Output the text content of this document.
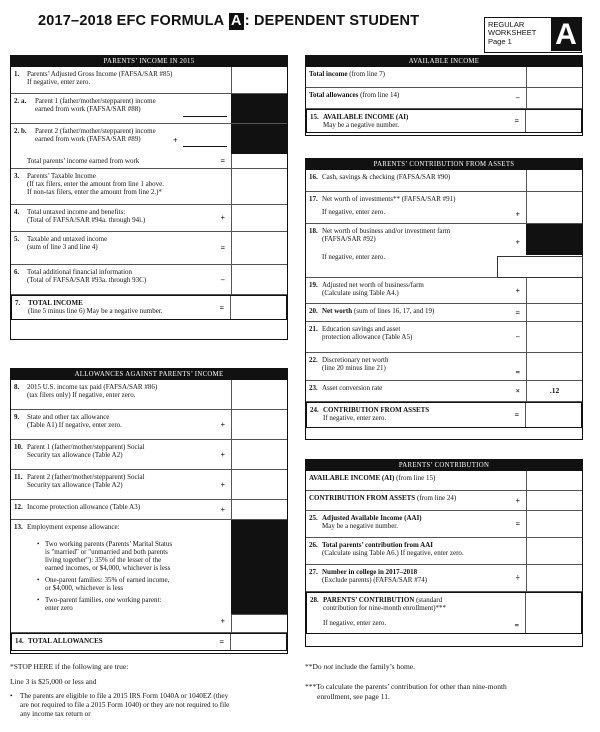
2017–2018 EFC FORMULA A : DEPENDENT STUDENT	REGULAR
WORKSHEET
Page 1	A
PARENTS’ INCOME IN 2015
1. Parents’ Adjusted Gross Income (FAFSA/SAR #85)
If negative, enter zero.
2. a. Parent 1 (father/mother/stepparent) income
earned from work (FAFSA/SAR #88)
2. b. Parent 2 (father/mother/stepparent) income
earned from work (FAFSA/SAR #89)	+
Total parents’ income earned from work	=
3. Parents’ Taxable Income
(If tax filers, enter the amount from line 1 above.
If non-tax filers, enter the amount from line 2.)*
4. Total untaxed income and benefits:
(Total of FAFSA/SAR #94a. through 94i.)	+
5. Taxable and untaxed income
(sum of line 3 and line 4)	=
6. Total additional financial information
(Total of FAFSA/SAR #93a. through 93C)	−
7. TOTAL INCOME
(line 5 minus line 6) May be a negative number.	=
ALLOWANCES AGAINST PARENTS’ INCOME
8. 2015 U.S. income tax paid (FAFSA/SAR #86)
(tax filers only) If negative, enter zero.
9. State and other tax allowance
(Table A1) If negative, enter zero.	+
10. Parent 1 (father/mother/stepparent) Social
Security tax allowance (Table A2)	+
11. Parent 2 (father/mother/stepparent) Social
Security tax allowance (Table A2)	+
12. Income protection allowance (Table A3)	+
13. Employment expense allowance:
• Two working parents (Parents’ Marital Status
is "married" or "unmarried and both parents
living together"): 35% of the lesser of the
earned incomes, or $4,000, whichever is less
• One-parent families: 35% of earned income,
or $4,000, whichever is less
• Two-parent families, one working parent:
enter zero
+
14. TOTAL ALLOWANCES	=
*STOP HERE if the following are true:
Line 3 is $25,000 or less and
• The parents are eligible to file a 2015 IRS Form 1040A or 1040EZ (they
are not required to file a 2015 Form 1040) or they are not required to file
any income tax return or
AVAILABLE INCOME
Total income (from line 7)
Total allowances (from line 14)	−
15. AVAILABLE INCOME (AI)
May be a negative number.	=
PARENTS’ CONTRIBUTION FROM ASSETS
16. Cash, savings & checking (FAFSA/SAR #90)
17. Net worth of investments** (FAFSA/SAR #91)
If negative, enter zero.	+
18. Net worth of business and/or investment farm
(FAFSA/SAR #92)
If negative, enter zero.
+
19. Adjusted net worth of business/farm
(Calculate using Table A4.)	+
20. Net worth (sum of lines 16, 17, and 19)	=
21. Education savings and asset
protection allowance (Table A5)	−
22. Discretionary net worth
(line 20 minus line 21)	=
23. Asset conversion rate	×	.12
24. CONTRIBUTION FROM ASSETS
If negative, enter zero.	=
PARENTS’ CONTRIBUTION
AVAILABLE INCOME (AI) (from line 15)
CONTRIBUTION FROM ASSETS (from line 24)	+
25. Adjusted Available Income (AAI)
May be a negative number.	=
26. Total parents’ contribution from AAI
(Calculate using Table A6.) If negative, enter zero.
27. Number in college in 2017–2018
(Exclude parents) (FAFSA/SAR #74)	÷
28. PARENTS’ CONTRIBUTION (standard
contribution for nine-month enrollment)***
If negative, enter zero.	=
**Do not include the family’s home.
***To calculate the parents’ contribution for other than nine-month
enrollment, see page 11.
